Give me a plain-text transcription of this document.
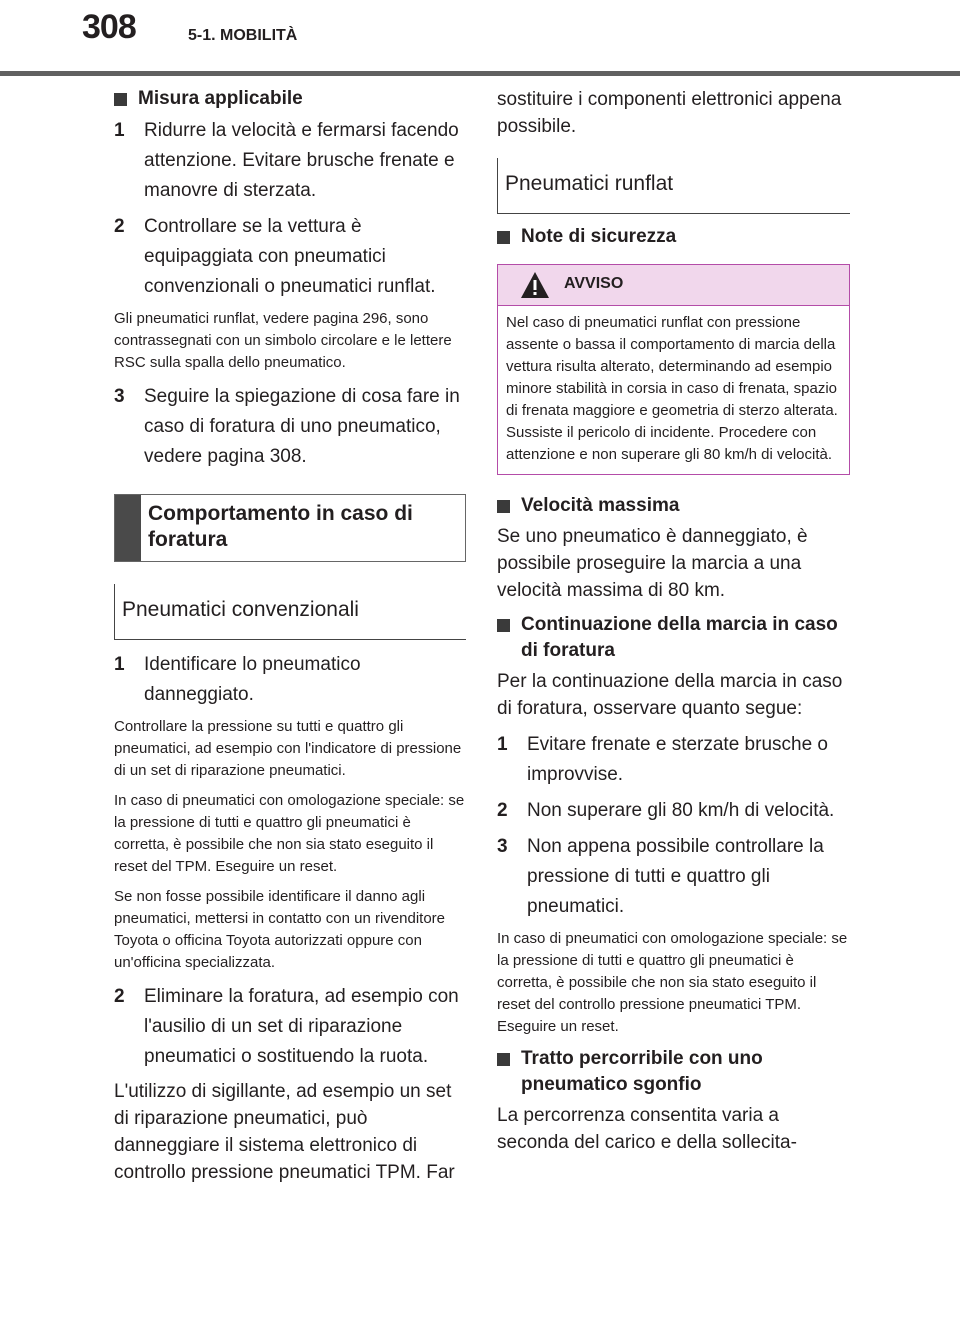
308	5-1. MOBILITÀ
Misura applicabile
1 Ridurre la velocità e fermarsi facendo attenzione. Evitare brusche frenate e manovre di sterzata.
2 Controllare se la vettura è equipaggiata con pneumatici convenzionali o pneumatici runflat.

Gli pneumatici runflat, vedere pagina 296, sono contrassegnati con un simbolo circolare e le lettere RSC sulla spalla dello pneumatico.

3 Seguire la spiegazione di cosa fare in caso di foratura di uno pneumatico, vedere pagina 308.
Comportamento in caso di foratura
Pneumatici convenzionali
1 Identificare lo pneumatico danneggiato.

Controllare la pressione su tutti e quattro gli pneumatici, ad esempio con l'indicatore di pressione di un set di riparazione pneumatici.

In caso di pneumatici con omologazione speciale: se la pressione di tutti e quattro gli pneumatici è corretta, è possibile che non sia stato eseguito il reset del TPM. Eseguire un reset.

Se non fosse possibile identificare il danno agli pneumatici, mettersi in contatto con un rivenditore Toyota o officina Toyota autorizzati oppure con un'officina specializzata.

2 Eliminare la foratura, ad esempio con l'ausilio di un set di riparazione pneumatici o sostituendo la ruota.

L'utilizzo di sigillante, ad esempio un set di riparazione pneumatici, può danneggiare il sistema elettronico di controllo pressione pneumatici TPM. Far

sostituire i componenti elettronici appena possibile.

Pneumatici runflat
Note di sicurezza
AVVISO
Nel caso di pneumatici runflat con pressione assente o bassa il comportamento di marcia della vettura risulta alterato, determinando ad esempio minore stabilità in corsia in caso di frenata, spazio di frenata maggiore e geometria di sterzo alterata. Sussiste il pericolo di incidente. Procedere con attenzione e non superare gli 80 km/h di velocità.
Velocità massima

Se uno pneumatico è danneggiato, è possibile proseguire la marcia a una velocità massima di 80 km.

Continuazione della marcia in caso di foratura

Per la continuazione della marcia in caso di foratura, osservare quanto segue:

1 Evitare frenate e sterzate brusche o improvvise.
2 Non superare gli 80 km/h di velocità.
3 Non appena possibile controllare la pressione di tutti e quattro gli pneumatici.

In caso di pneumatici con omologazione speciale: se la pressione di tutti e quattro gli pneumatici è corretta, è possibile che non sia stato eseguito il reset del controllo pressione pneumatici TPM. Eseguire un reset.

Tratto percorribile con uno pneumatico sgonfio

La percorrenza consentita varia a seconda del carico e della sollecita-
